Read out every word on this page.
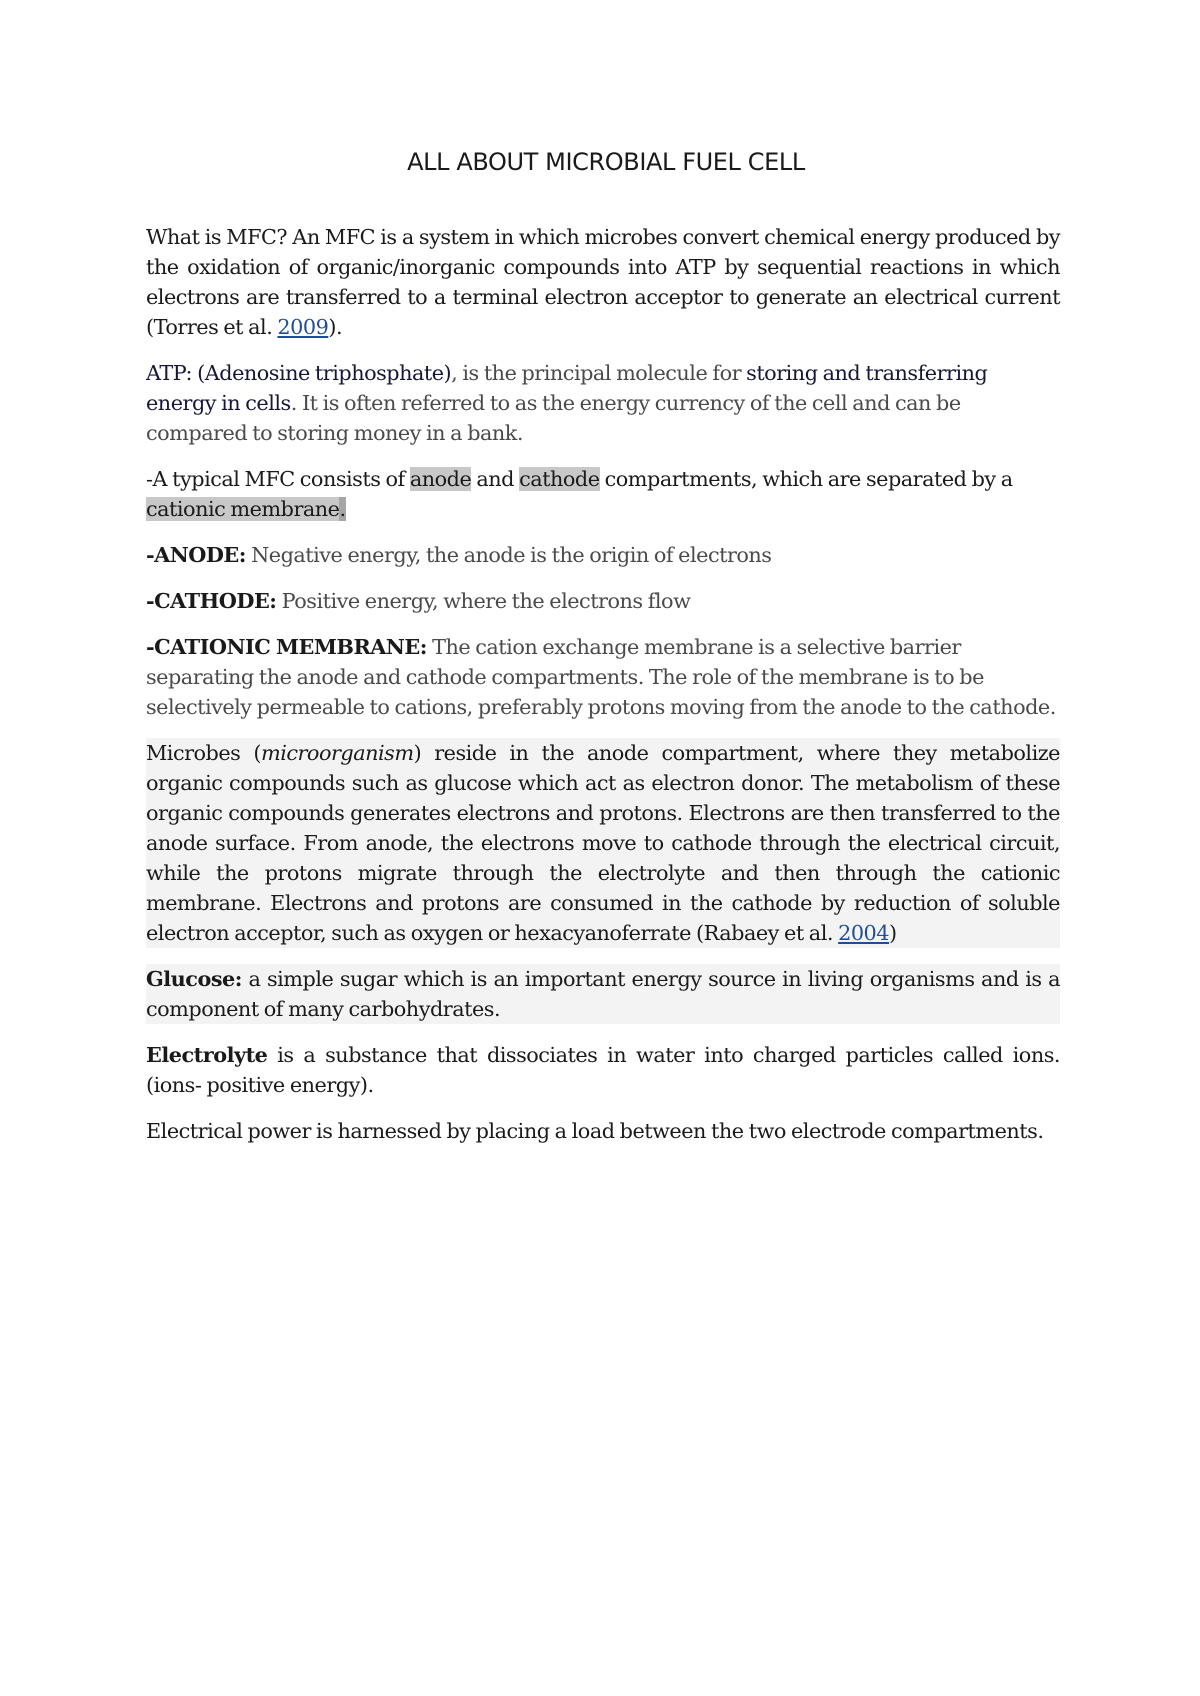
ALL ABOUT MICROBIAL FUEL CELL

What is MFC? An MFC is a system in which microbes convert chemical energy produced by the oxidation of organic/inorganic compounds into ATP by sequential reactions in which electrons are transferred to a terminal electron acceptor to generate an electrical current (Torres et al. 2009).

ATP: (Adenosine triphosphate), is the principal molecule for storing and transferring energy in cells. It is often referred to as the energy currency of the cell and can be compared to storing money in a bank.

-A typical MFC consists of anode and cathode compartments, which are separated by a cationic membrane.

-ANODE: Negative energy, the anode is the origin of electrons

-CATHODE: Positive energy, where the electrons flow

-CATIONIC MEMBRANE: The cation exchange membrane is a selective barrier separating the anode and cathode compartments. The role of the membrane is to be selectively permeable to cations, preferably protons moving from the anode to the cathode.

Microbes (microorganism) reside in the anode compartment, where they metabolize organic compounds such as glucose which act as electron donor. The metabolism of these organic compounds generates electrons and protons. Electrons are then transferred to the anode surface. From anode, the electrons move to cathode through the electrical circuit, while the protons migrate through the electrolyte and then through the cationic membrane. Electrons and protons are consumed in the cathode by reduction of soluble electron acceptor, such as oxygen or hexacyanoferrate (Rabaey et al. 2004)

Glucose: a simple sugar which is an important energy source in living organisms and is a component of many carbohydrates.

Electrolyte is a substance that dissociates in water into charged particles called ions. (ions- positive energy).

Electrical power is harnessed by placing a load between the two electrode compartments.
